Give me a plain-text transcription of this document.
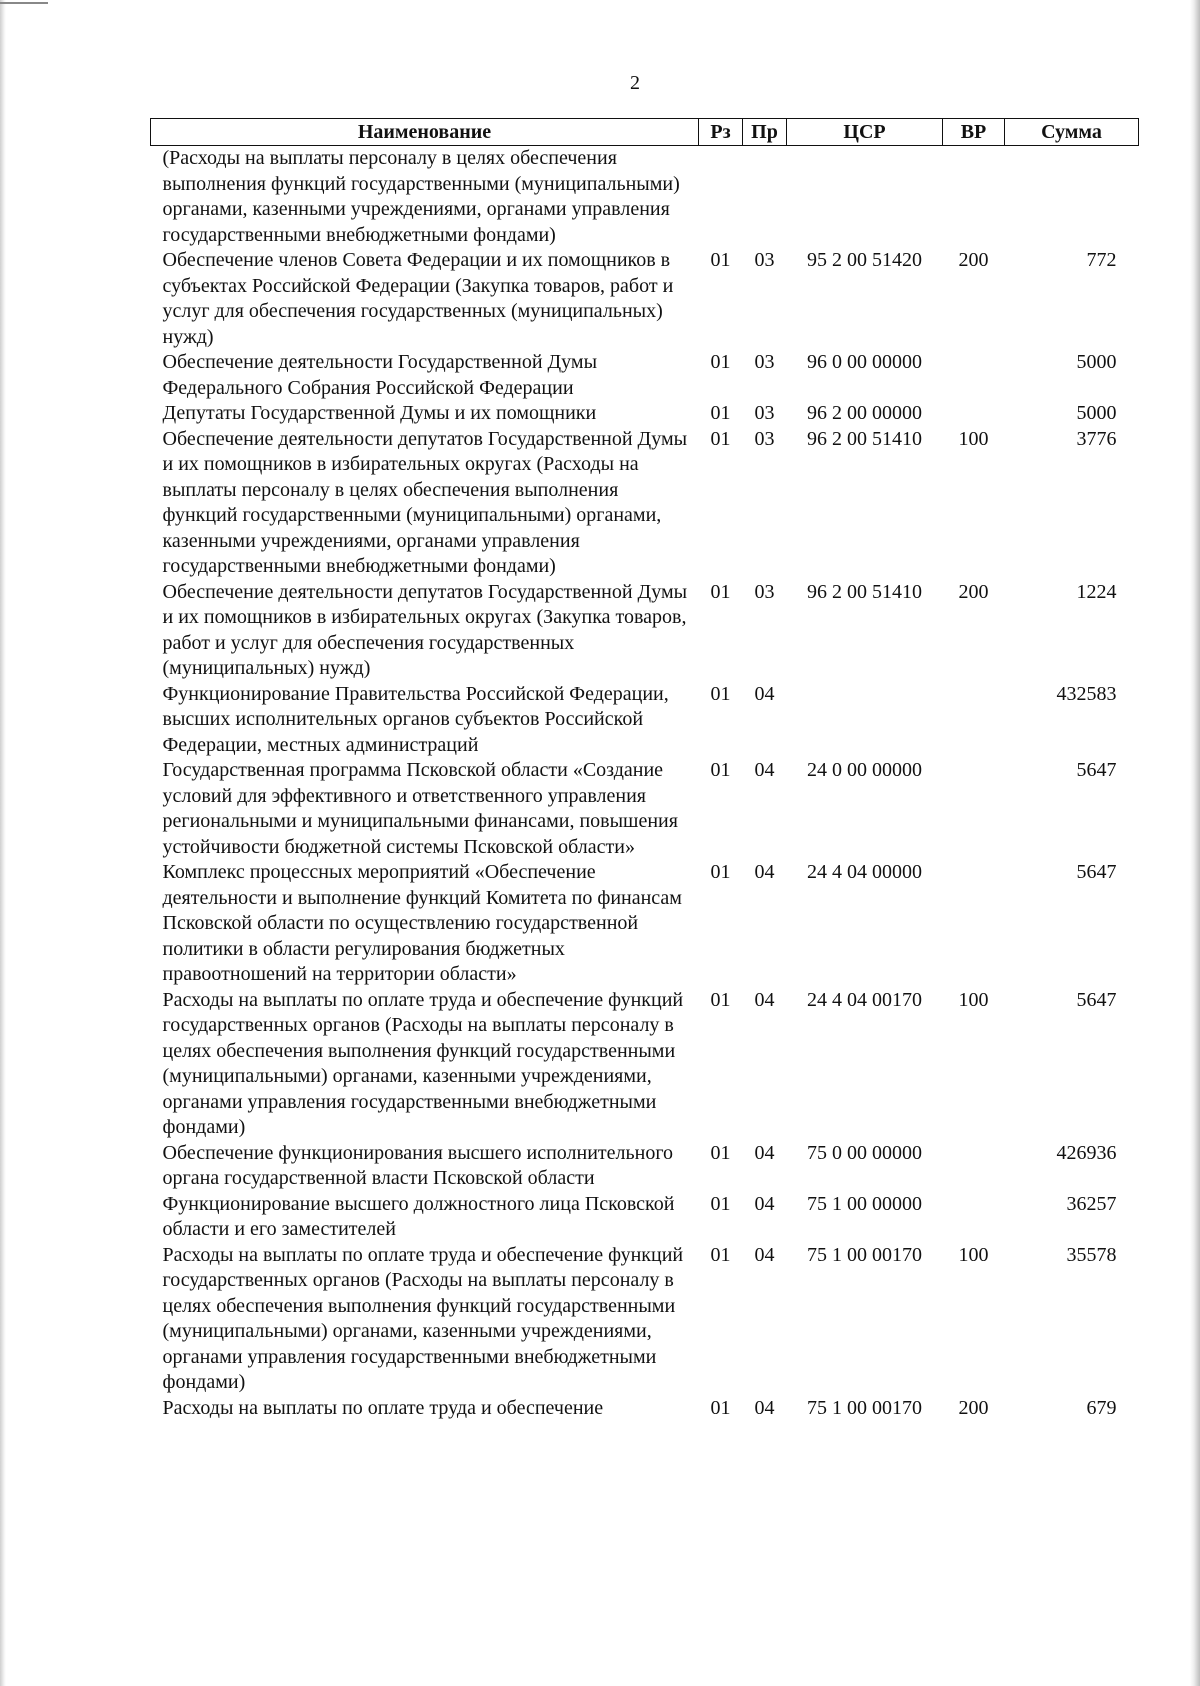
2
Наименование	Рз	Пр	ЦСР	ВР	Сумма
(Расходы на выплаты персоналу в целях обеспечения выполнения функций государственными (муниципальными) органами, казенными учреждениями, органами управления государственными внебюджетными фондами)					
Обеспечение членов Совета Федерации и их помощников в субъектах Российской Федерации (Закупка товаров, работ и услуг для обеспечения государственных (муниципальных) нужд)	01	03	95 2 00 51420	200	772
Обеспечение деятельности Государственной Думы Федерального Собрания Российской Федерации	01	03	96 0 00 00000		5000
Депутаты Государственной Думы и их помощники	01	03	96 2 00 00000		5000
Обеспечение деятельности депутатов Государственной Думы и их помощников в избирательных округах (Расходы на выплаты персоналу в целях обеспечения выполнения функций государственными (муниципальными) органами, казенными учреждениями, органами управления государственными внебюджетными фондами)	01	03	96 2 00 51410	100	3776
Обеспечение деятельности депутатов Государственной Думы и их помощников в избирательных округах (Закупка товаров, работ и услуг для обеспечения государственных (муниципальных) нужд)	01	03	96 2 00 51410	200	1224
Функционирование Правительства Российской Федерации, высших исполнительных органов субъектов Российской Федерации, местных администраций	01	04			432583
Государственная программа Псковской области «Создание условий для эффективного и ответственного управления региональными и муниципальными финансами, повышения устойчивости бюджетной системы Псковской области»	01	04	24 0 00 00000		5647
Комплекс процессных мероприятий «Обеспечение деятельности и выполнение функций Комитета по финансам Псковской области по осуществлению государственной политики в области регулирования бюджетных правоотношений на территории области»	01	04	24 4 04 00000		5647
Расходы на выплаты по оплате труда и обеспечение функций государственных органов (Расходы на выплаты персоналу в целях обеспечения выполнения функций государственными (муниципальными) органами, казенными учреждениями, органами управления государственными внебюджетными фондами)	01	04	24 4 04 00170	100	5647
Обеспечение функционирования высшего исполнительного органа государственной власти Псковской области	01	04	75 0 00 00000		426936
Функционирование высшего должностного лица Псковской области и его заместителей	01	04	75 1 00 00000		36257
Расходы на выплаты по оплате труда и обеспечение функций государственных органов (Расходы на выплаты персоналу в целях обеспечения выполнения функций государственными (муниципальными) органами, казенными учреждениями, органами управления государственными внебюджетными фондами)	01	04	75 1 00 00170	100	35578
Расходы на выплаты по оплате труда и обеспечение	01	04	75 1 00 00170	200	679
